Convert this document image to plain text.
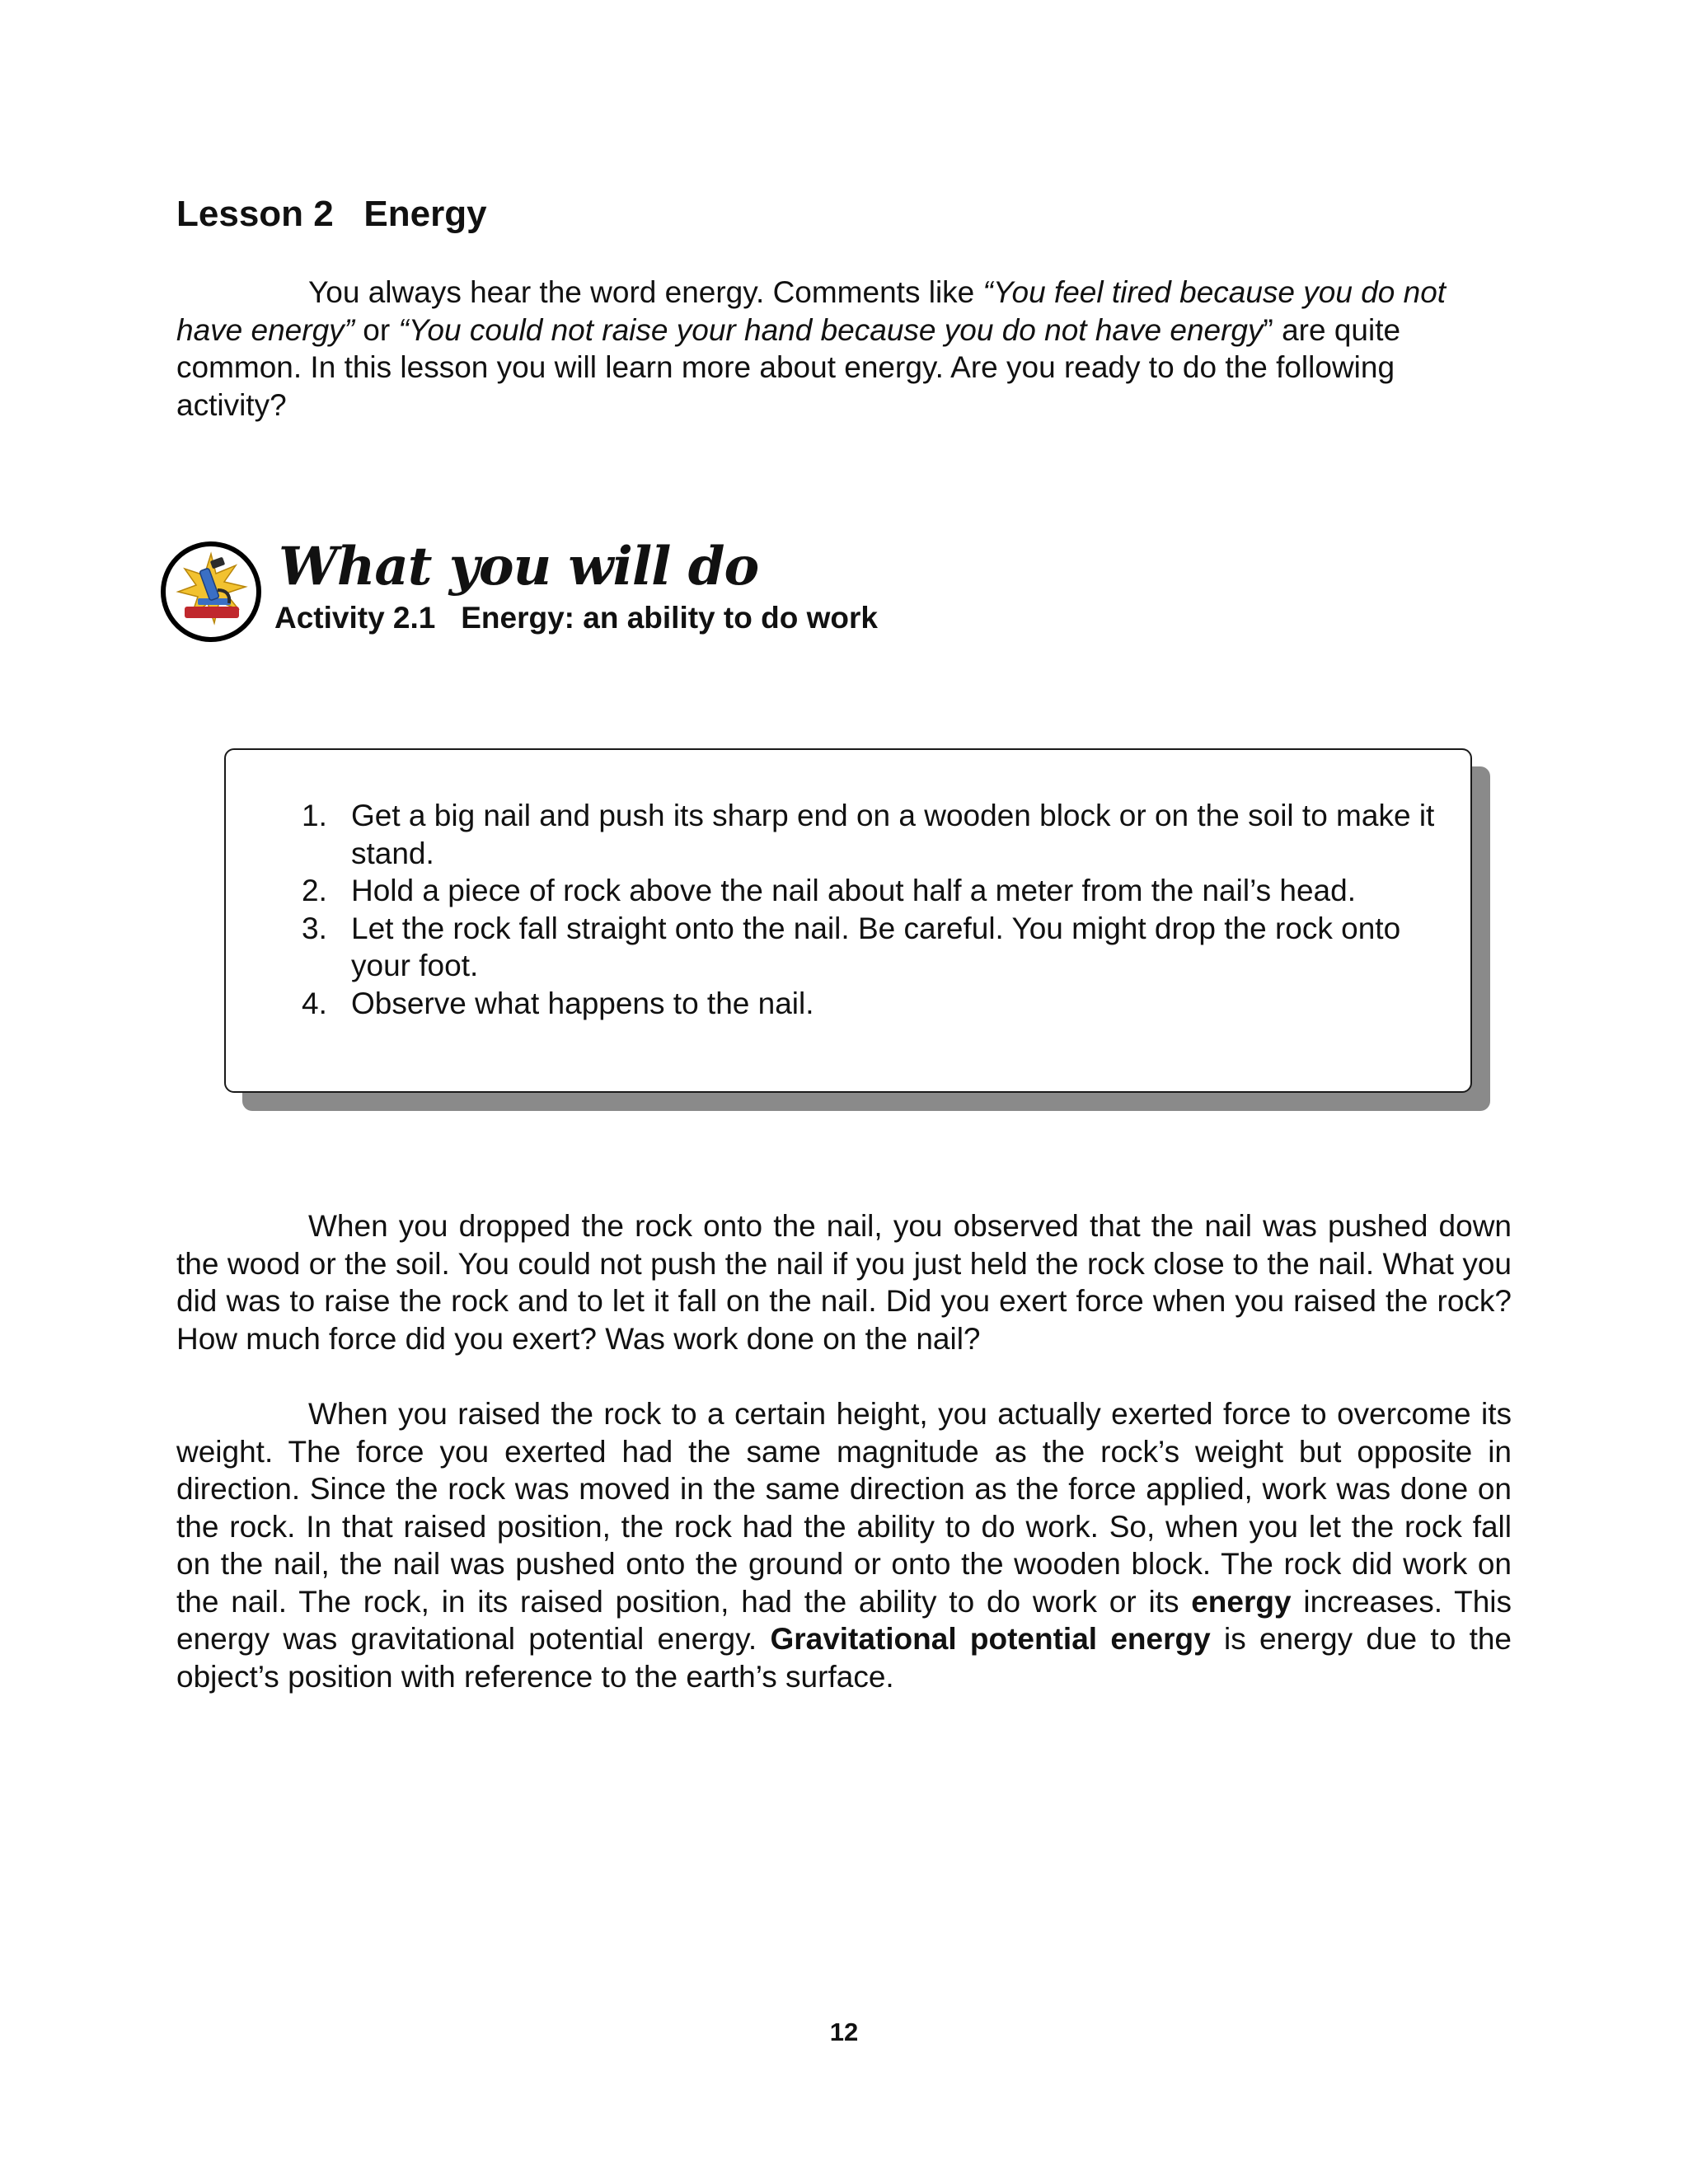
Lesson 2   Energy

You always hear the word energy. Comments like “You feel tired because you do not have energy” or “You could not raise your hand because you do not have energy” are quite common. In this lesson you will learn more about energy. Are you ready to do the following activity?

What you will do
Activity 2.1   Energy: an ability to do work
1. Get a big nail and push its sharp end on a wooden block or on the soil to make it stand.
2. Hold a piece of rock above the nail about half a meter from the nail’s head.
3. Let the rock fall straight onto the nail. Be careful. You might drop the rock onto your foot.
4. Observe what happens to the nail.

When you dropped the rock onto the nail, you observed that the nail was pushed down the wood or the soil. You could not push the nail if you just held the rock close to the nail. What you did was to raise the rock and to let it fall on the nail. Did you exert force when you raised the rock? How much force did you exert? Was work done on the nail?

When you raised the rock to a certain height, you actually exerted force to overcome its weight. The force you exerted had the same magnitude as the rock’s weight but opposite in direction. Since the rock was moved in the same direction as the force applied, work was done on the rock. In that raised position, the rock had the ability to do work. So, when you let the rock fall on the nail, the nail was pushed onto the ground or onto the wooden block. The rock did work on the nail. The rock, in its raised position, had the ability to do work or its energy increases. This energy was gravitational potential energy. Gravitational potential energy is energy due to the object’s position with reference to the earth’s surface.

12
